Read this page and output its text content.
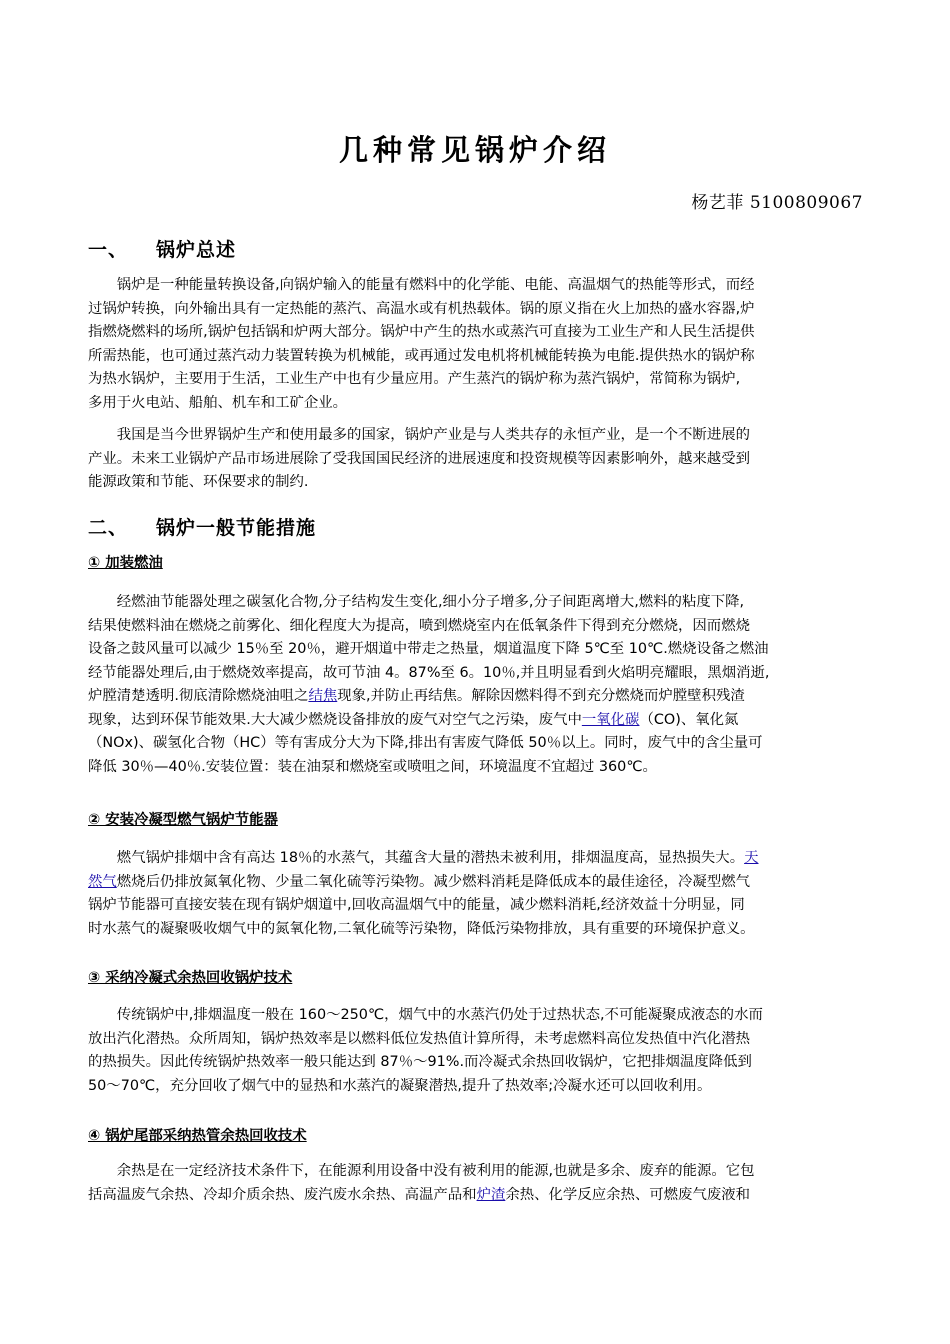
几种常见锅炉介绍
杨艺菲 5100809067
一、 锅炉总述
锅炉是一种能量转换设备,向锅炉输入的能量有燃料中的化学能、电能、高温烟气的热能等形式，而经
过锅炉转换，向外输出具有一定热能的蒸汽、高温水或有机热载体。锅的原义指在火上加热的盛水容器,炉
指燃烧燃料的场所,锅炉包括锅和炉两大部分。锅炉中产生的热水或蒸汽可直接为工业生产和人民生活提供
所需热能，也可通过蒸汽动力装置转换为机械能，或再通过发电机将机械能转换为电能.提供热水的锅炉称
为热水锅炉，主要用于生活，工业生产中也有少量应用。产生蒸汽的锅炉称为蒸汽锅炉，常简称为锅炉,
多用于火电站、船舶、机车和工矿企业。
我国是当今世界锅炉生产和使用最多的国家，锅炉产业是与人类共存的永恒产业，是一个不断进展的
产业。未来工业锅炉产品市场进展除了受我国国民经济的进展速度和投资规模等因素影响外，越来越受到
能源政策和节能、环保要求的制约.
二、 锅炉一般节能措施
① 加装燃油
经燃油节能器处理之碳氢化合物,分子结构发生变化,细小分子增多,分子间距离增大,燃料的粘度下降,
结果使燃料油在燃烧之前雾化、细化程度大为提高，喷到燃烧室内在低氧条件下得到充分燃烧，因而燃烧
设备之鼓风量可以减少 15％至 20％，避开烟道中带走之热量，烟道温度下降 5℃至 10℃.燃烧设备之燃油
经节能器处理后,由于燃烧效率提高，故可节油 4。87%至 6。10％,并且明显看到火焰明亮耀眼，黑烟消逝,
炉膛清楚透明.彻底清除燃烧油咀之结焦现象,并防止再结焦。解除因燃料得不到充分燃烧而炉膛壁积残渣
现象，达到环保节能效果.大大减少燃烧设备排放的废气对空气之污染，废气中一氧化碳（CO)、氧化氮
（NOx)、碳氢化合物（HC）等有害成分大为下降,排出有害废气降低 50％以上。同时，废气中的含尘量可
降低 30％—40％.安装位置：装在油泵和燃烧室或喷咀之间，环境温度不宜超过 360℃。
② 安装冷凝型燃气锅炉节能器
燃气锅炉排烟中含有高达 18％的水蒸气，其蕴含大量的潜热未被利用，排烟温度高，显热损失大。天
然气燃烧后仍排放氮氧化物、少量二氧化硫等污染物。减少燃料消耗是降低成本的最佳途径，冷凝型燃气
锅炉节能器可直接安装在现有锅炉烟道中,回收高温烟气中的能量，减少燃料消耗,经济效益十分明显，同
时水蒸气的凝聚吸收烟气中的氮氧化物,二氧化硫等污染物，降低污染物排放，具有重要的环境保护意义。
③ 采纳冷凝式余热回收锅炉技术
传统锅炉中,排烟温度一般在 160～250℃，烟气中的水蒸汽仍处于过热状态,不可能凝聚成液态的水而
放出汽化潜热。众所周知，锅炉热效率是以燃料低位发热值计算所得，未考虑燃料高位发热值中汽化潜热
的热损失。因此传统锅炉热效率一般只能达到 87％～91%.而冷凝式余热回收锅炉，它把排烟温度降低到
50～70℃，充分回收了烟气中的显热和水蒸汽的凝聚潜热,提升了热效率;冷凝水还可以回收利用。
④ 锅炉尾部采纳热管余热回收技术
余热是在一定经济技术条件下，在能源利用设备中没有被利用的能源,也就是多余、废弃的能源。它包
括高温废气余热、冷却介质余热、废汽废水余热、高温产品和炉渣余热、化学反应余热、可燃废气废液和
